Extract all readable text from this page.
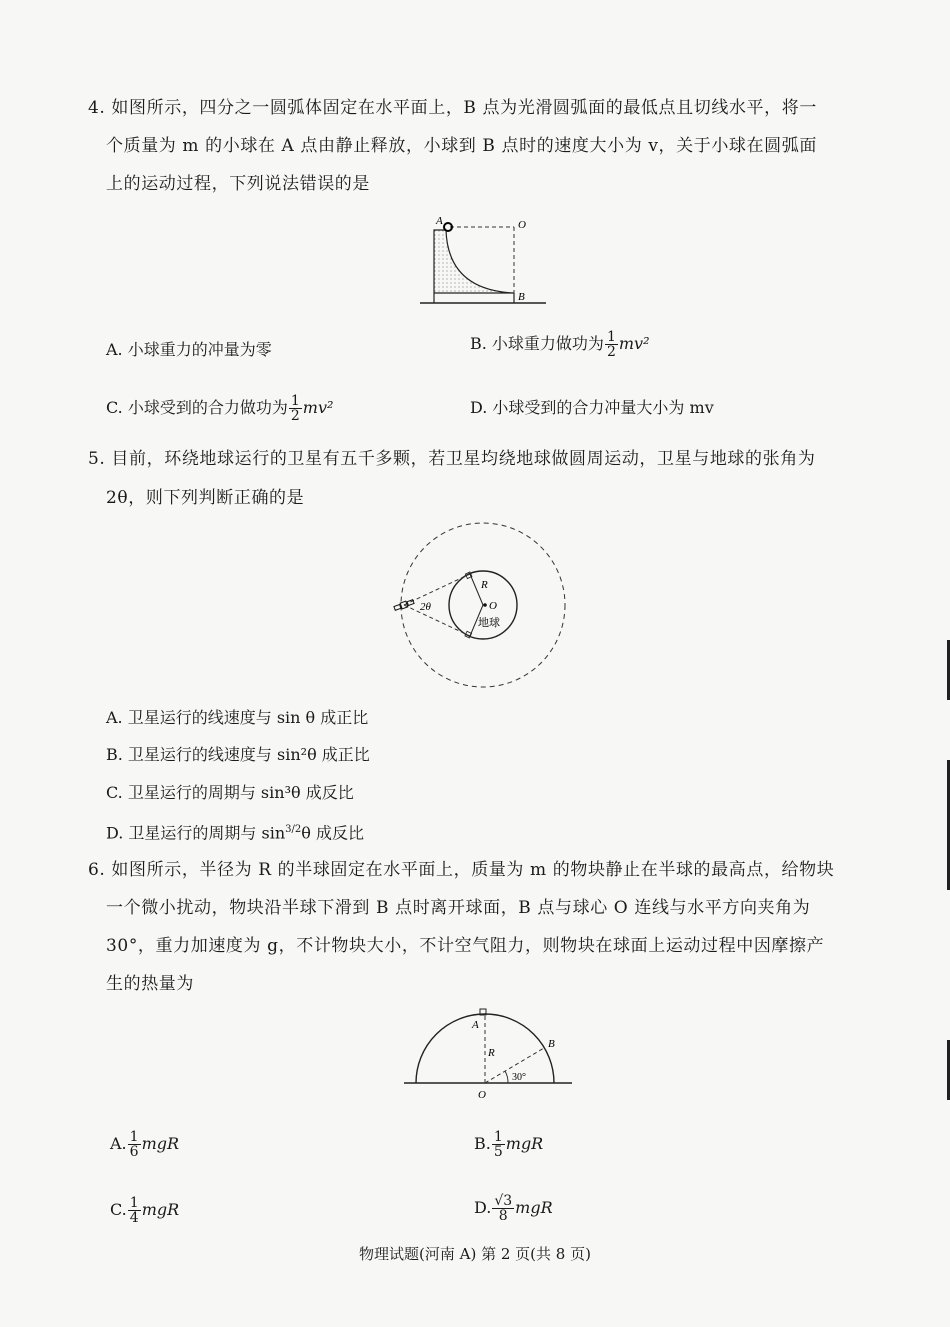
4. 如图所示，四分之一圆弧体固定在水平面上，B 点为光滑圆弧面的最低点且切线水平，将一
个质量为 m 的小球在 A 点由静止释放，小球到 B 点时的速度大小为 v，关于小球在圆弧面
上的运动过程，下列说法错误的是
A	O
B
A. 小球重力的冲量为零	B. 小球重力做功为 $\frac{1}{2} mv^2$
C. 小球受到的合力做功为 $\frac{1}{2} mv^2$	D. 小球受到的合力冲量大小为 mv
5. 目前，环绕地球运行的卫星有五千多颗，若卫星均绕地球做圆周运动，卫星与地球的张角为
2θ，则下列判断正确的是
R
O
2θ
地球
A. 卫星运行的线速度与 sin θ 成正比
B. 卫星运行的线速度与 sin²θ 成正比
C. 卫星运行的周期与 sin³θ 成反比
D. 卫星运行的周期与 $\sin^{3/2}\theta$ 成反比
6. 如图所示，半径为 R 的半球固定在水平面上，质量为 m 的物块静止在半球的最高点，给物块
一个微小扰动，物块沿半球下滑到 B 点时离开球面，B 点与球心 O 连线与水平方向夹角为
30°，重力加速度为 g，不计物块大小，不计空气阻力，则物块在球面上运动过程中因摩擦产
生的热量为
A
R
B
30°
O
A. $\frac{1}{6}$ mgR	B. $\frac{1}{5}$ mgR
C. $\frac{1}{4}$ mgR	D. $\frac{√3}{8}$ mgR
物理试题(河南 A) 第 2 页(共 8 页)
